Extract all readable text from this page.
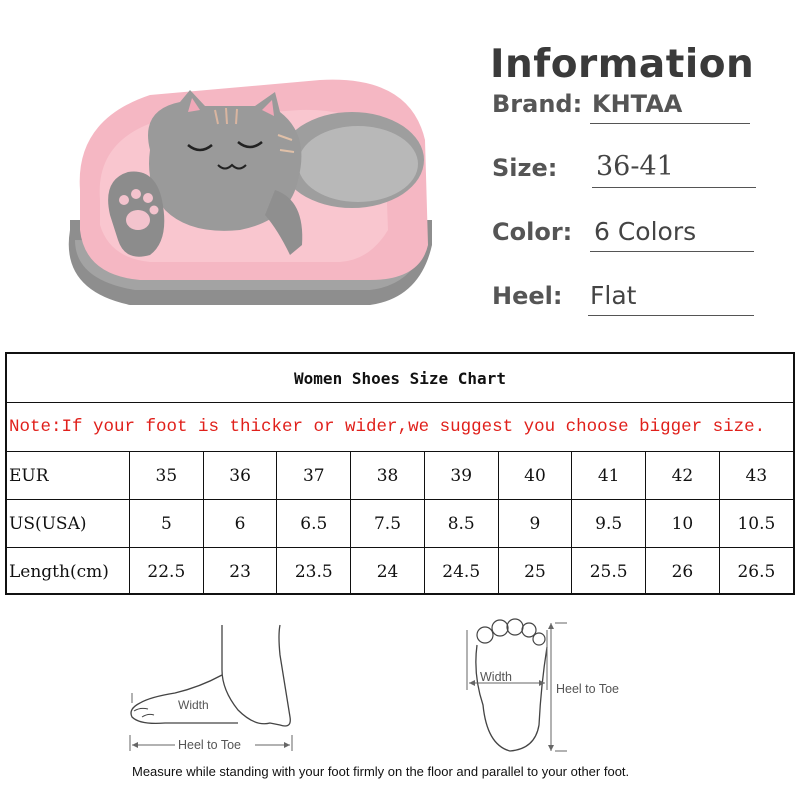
Information
Brand: KHTAA
Size: 36-41
Color: 6 Colors
Heel: Flat
Women Shoes Size Chart
Note:If your foot is thicker or wider,we suggest you choose bigger size.
EUR	35	36	37	38	39	40	41	42	43
US(USA)	5	6	6.5	7.5	8.5	9	9.5	10	10.5
Length(cm)	22.5	23	23.5	24	24.5	25	25.5	26	26.5
Width
Heel to Toe
Width
Heel to Toe
Measure while standing with your foot firmly on the floor and parallel to your other foot.
